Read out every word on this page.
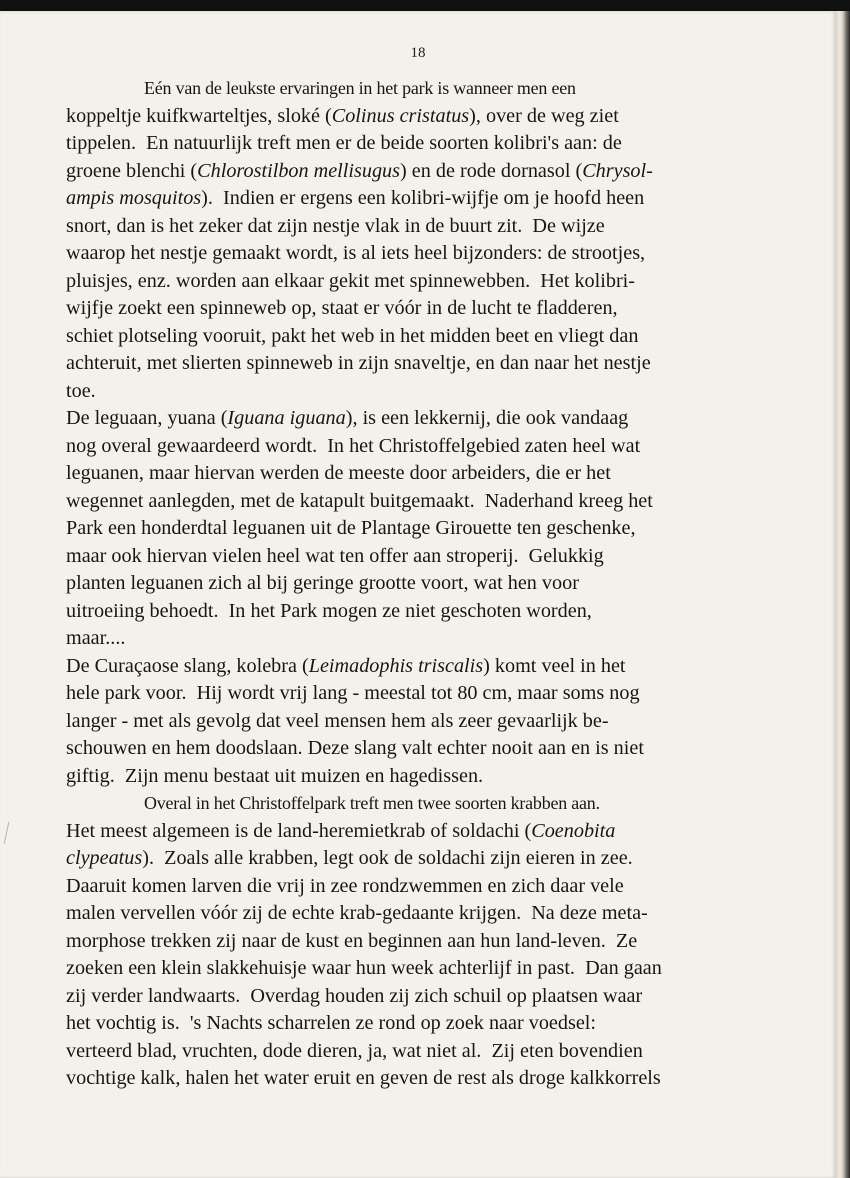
18
Eén van de leukste ervaringen in het park is wanneer men een
koppeltje kuifkwarteltjes, sloké (Colinus cristatus), over de weg ziet
tippelen.  En natuurlijk treft men er de beide soorten kolibri's aan: de
groene blenchi (Chlorostilbon mellisugus) en de rode dornasol (Chrysol-
ampis mosquitos).  Indien er ergens een kolibri-wijfje om je hoofd heen
snort, dan is het zeker dat zijn nestje vlak in de buurt zit.  De wijze
waarop het nestje gemaakt wordt, is al iets heel bijzonders: de strootjes,
pluisjes, enz. worden aan elkaar gekit met spinnewebben.  Het kolibri-
wijfje zoekt een spinneweb op, staat er vóór in de lucht te fladderen,
schiet plotseling vooruit, pakt het web in het midden beet en vliegt dan
achteruit, met slierten spinneweb in zijn snaveltje, en dan naar het nestje
toe.
De leguaan, yuana (Iguana iguana), is een lekkernij, die ook vandaag
nog overal gewaardeerd wordt.  In het Christoffelgebied zaten heel wat
leguanen, maar hiervan werden de meeste door arbeiders, die er het
wegennet aanlegden, met de katapult buitgemaakt.  Naderhand kreeg het
Park een honderdtal leguanen uit de Plantage Girouette ten geschenke,
maar ook hiervan vielen heel wat ten offer aan stroperij.  Gelukkig
planten leguanen zich al bij geringe grootte voort, wat hen voor
uitroeiing behoedt.  In het Park mogen ze niet geschoten worden,
maar....
De Curaçaose slang, kolebra (Leimadophis triscalis) komt veel in het
hele park voor.  Hij wordt vrij lang - meestal tot 80 cm, maar soms nog
langer - met als gevolg dat veel mensen hem als zeer gevaarlijk be-
schouwen en hem doodslaan. Deze slang valt echter nooit aan en is niet
giftig.  Zijn menu bestaat uit muizen en hagedissen.
Overal in het Christoffelpark treft men twee soorten krabben aan.
Het meest algemeen is de land-heremietkrab of soldachi (Coenobita
clypeatus).  Zoals alle krabben, legt ook de soldachi zijn eieren in zee.
Daaruit komen larven die vrij in zee rondzwemmen en zich daar vele
malen vervellen vóór zij de echte krab-gedaante krijgen.  Na deze meta-
morphose trekken zij naar de kust en beginnen aan hun land-leven.  Ze
zoeken een klein slakkehuisje waar hun week achterlijf in past.  Dan gaan
zij verder landwaarts.  Overdag houden zij zich schuil op plaatsen waar
het vochtig is.  's Nachts scharrelen ze rond op zoek naar voedsel:
verteerd blad, vruchten, dode dieren, ja, wat niet al.  Zij eten bovendien
vochtige kalk, halen het water eruit en geven de rest als droge kalkkorrels
